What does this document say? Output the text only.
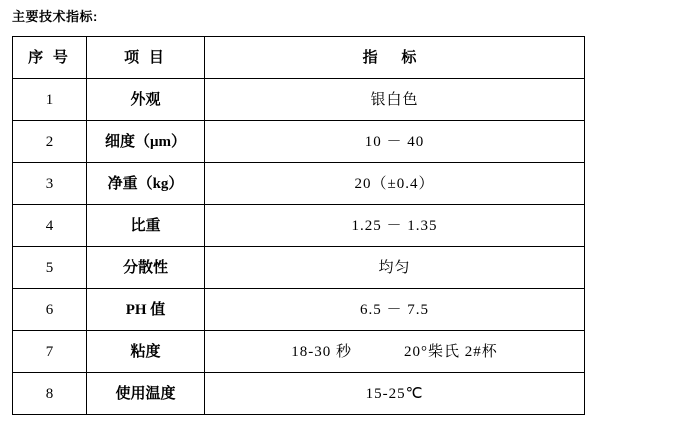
主要技术指标:
序 号	项 目	指 标
1	外观	银白色
2	细度（μm）	10 － 40
3	净重（kg）	20（±0.4）
4	比重	1.25 － 1.35
5	分散性	均匀
6	PH 值	6.5 － 7.5
7	粘度	18-30 秒 20°柴氏 2#杯

8	使用温度	15-25℃
